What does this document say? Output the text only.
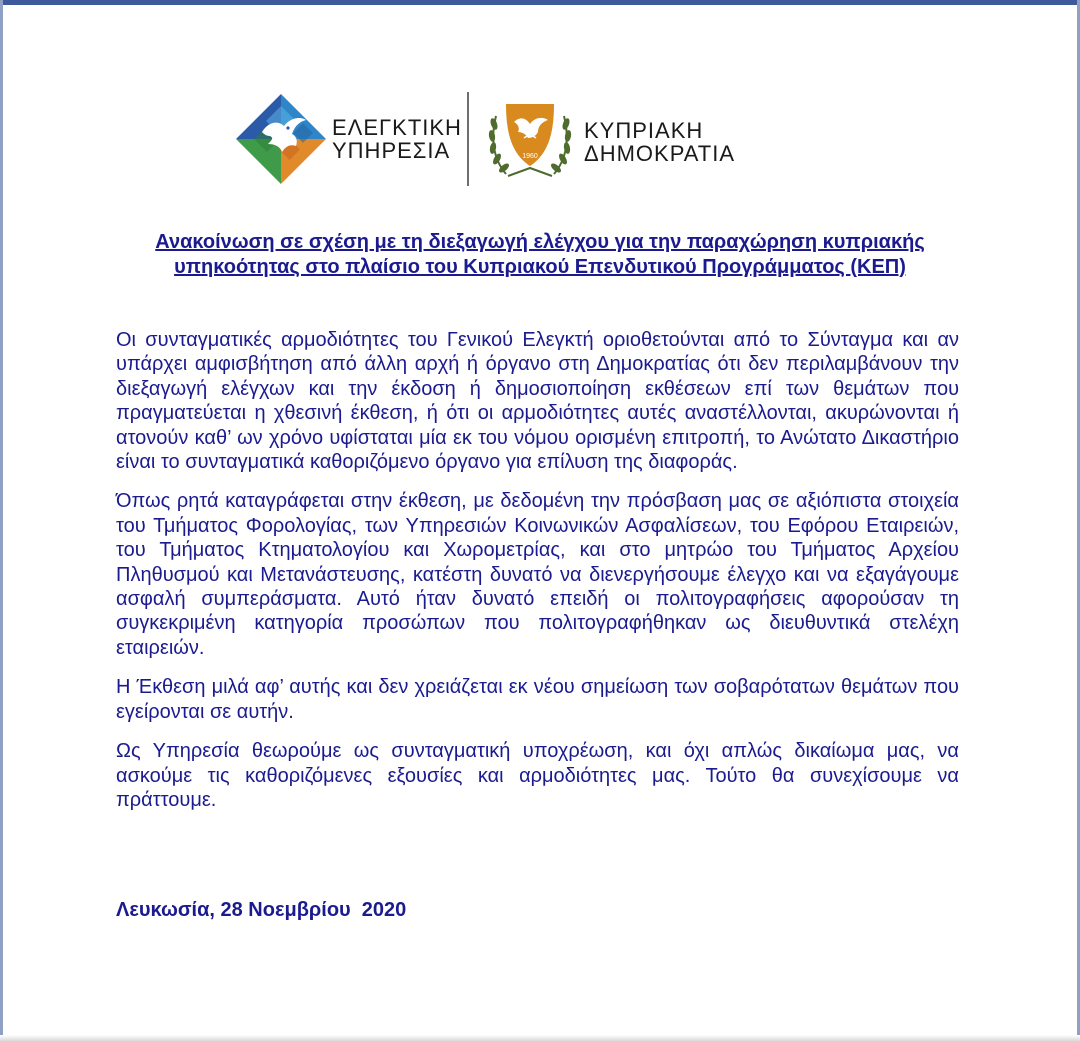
ΕΛΕΓΚΤΙΚΗ
ΥΠΗΡΕΣΙΑ	1960
ΚΥΠΡΙΑΚΗ
ΔΗΜΟΚΡΑΤΙΑ
Ανακοίνωση σε σχέση με τη διεξαγωγή ελέγχου για την παραχώρηση κυπριακής
υπηκοότητας στο πλαίσιο του Κυπριακού Επενδυτικού Προγράμματος (ΚΕΠ)

Οι συνταγματικές αρμοδιότητες του Γενικού Ελεγκτή οριοθετούνται από το Σύνταγμα και αν υπάρχει αμφισβήτηση από άλλη αρχή ή όργανο στη Δημοκρατίας ότι δεν περιλαμβάνουν την διεξαγωγή ελέγχων και την έκδοση ή δημοσιοποίηση εκθέσεων επί των θεμάτων που πραγματεύεται η χθεσινή έκθεση, ή ότι οι αρμοδιότητες αυτές αναστέλλονται, ακυρώνονται ή ατονούν καθ’ ων χρόνο υφίσταται μία εκ του νόμου ορισμένη επιτροπή, το Ανώτατο Δικαστήριο είναι το συνταγματικά καθοριζόμενο όργανο για επίλυση της διαφοράς.

Όπως ρητά καταγράφεται στην έκθεση, με δεδομένη την πρόσβαση μας σε αξιόπιστα στοιχεία του Τμήματος Φορολογίας, των Υπηρεσιών Κοινωνικών Ασφαλίσεων, του Εφόρου Εταιρειών, του Τμήματος Κτηματολογίου και Χωρομετρίας, και στο μητρώο του Τμήματος Αρχείου Πληθυσμού και Μετανάστευσης, κατέστη δυνατό να διενεργήσουμε έλεγχο και να εξαγάγουμε ασφαλή συμπεράσματα. Αυτό ήταν δυνατό επειδή οι πολιτογραφήσεις αφορούσαν τη συγκεκριμένη κατηγορία προσώπων που πολιτογραφήθηκαν ως διευθυντικά στελέχη εταιρειών.

Η Έκθεση μιλά αφ’ αυτής και δεν χρειάζεται εκ νέου σημείωση των σοβαρότατων θεμάτων που εγείρονται σε αυτήν.

Ως Υπηρεσία θεωρούμε ως συνταγματική υποχρέωση, και όχι απλώς δικαίωμα μας, να ασκούμε τις καθοριζόμενες εξουσίες και αρμοδιότητες μας. Τούτο θα συνεχίσουμε να πράττουμε.

Λευκωσία, 28 Νοεμβρίου  2020
